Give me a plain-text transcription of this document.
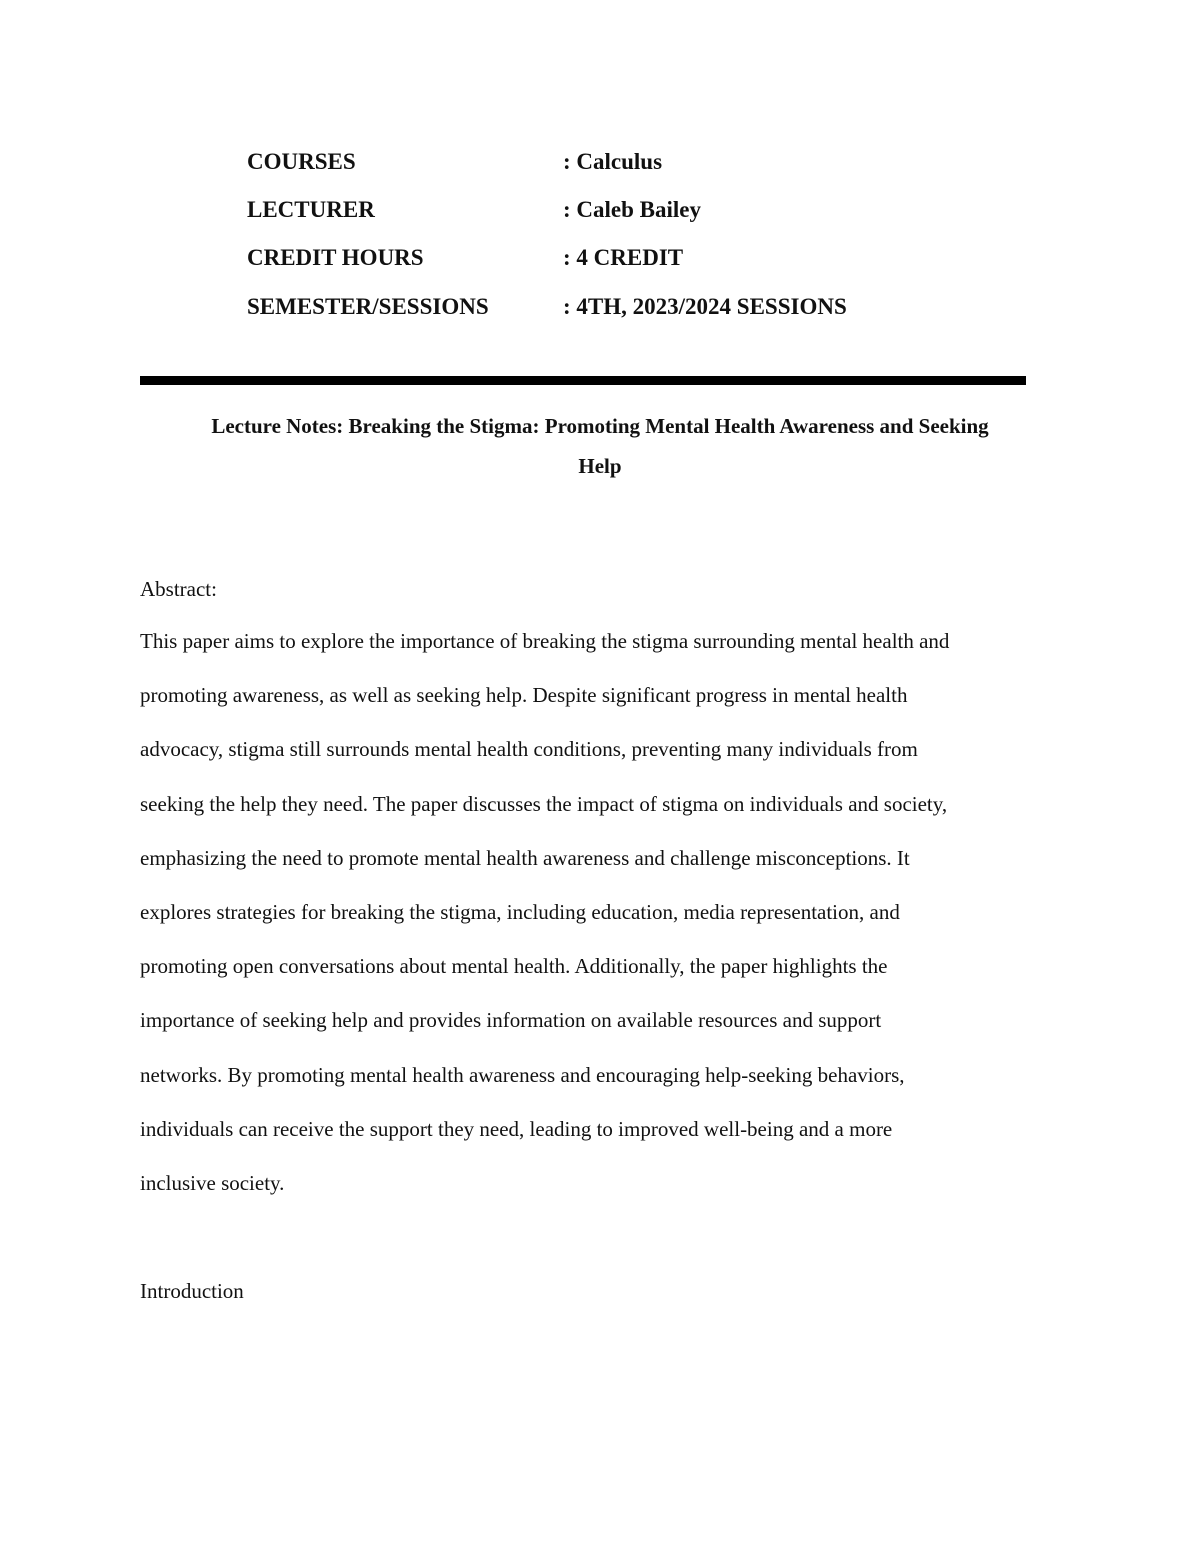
COURSES	: Calculus
LECTURER	: Caleb Bailey
CREDIT HOURS	: 4 CREDIT
SEMESTER/SESSIONS	: 4TH, 2023/2024 SESSIONS
Lecture Notes: Breaking the Stigma: Promoting Mental Health Awareness and Seeking
Help
Abstract:
This paper aims to explore the importance of breaking the stigma surrounding mental health and
promoting awareness, as well as seeking help. Despite significant progress in mental health
advocacy, stigma still surrounds mental health conditions, preventing many individuals from
seeking the help they need. The paper discusses the impact of stigma on individuals and society,
emphasizing the need to promote mental health awareness and challenge misconceptions. It
explores strategies for breaking the stigma, including education, media representation, and
promoting open conversations about mental health. Additionally, the paper highlights the
importance of seeking help and provides information on available resources and support
networks. By promoting mental health awareness and encouraging help-seeking behaviors,
individuals can receive the support they need, leading to improved well-being and a more
inclusive society.
Introduction
